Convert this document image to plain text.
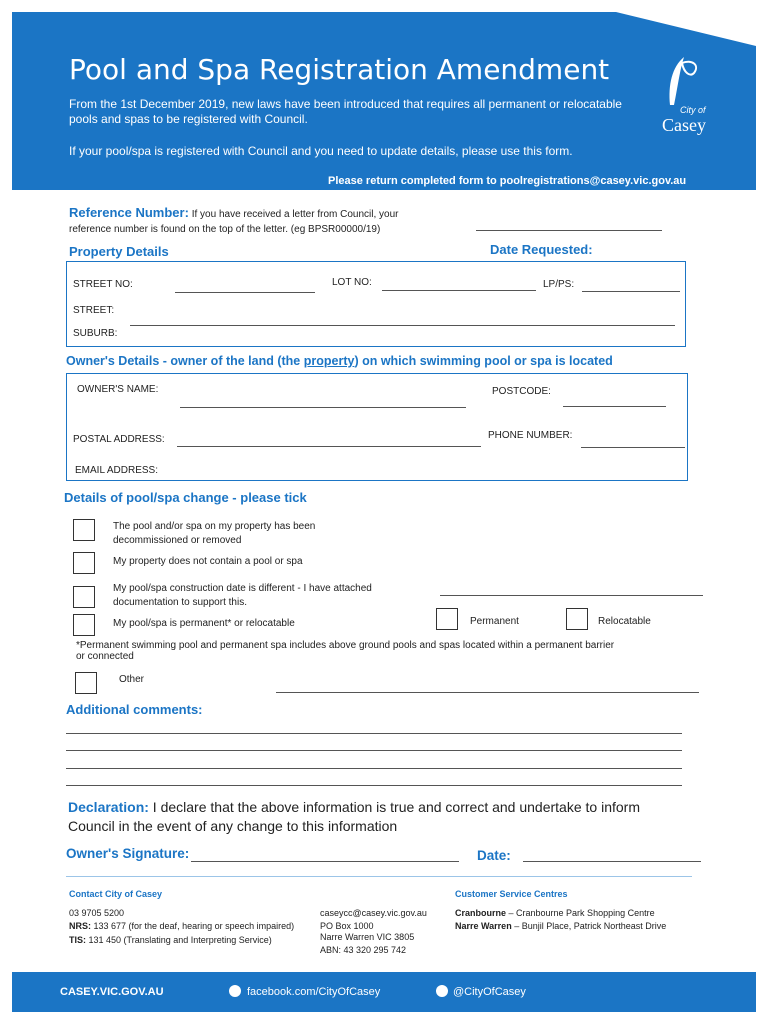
Pool and Spa Registration Amendment
From the 1st December 2019, new laws have been introduced that requires all permanent or relocatable pools and spas to be registered with Council.
If your pool/spa is registered with Council and you need to update details, please use this form.
Please return completed form to poolregistrations@casey.vic.gov.au
City of
Casey
Reference Number: If you have received a letter from Council, your
reference number is found on the top of the letter. (eg BPSR00000/19)
Property Details	Date Requested:
STREET NO:	LOT NO:	LP/PS:
STREET:
SUBURB:
Owner's Details - owner of the land (the property) on which swimming pool or spa is located
OWNER'S NAME:	POSTCODE:
POSTAL ADDRESS:	PHONE NUMBER:
EMAIL ADDRESS:
Details of pool/spa change - please tick
The pool and/or spa on my property has been
decommissioned or removed
My property does not contain a pool or spa
My pool/spa construction date is different - I have attached
documentation to support this.
My pool/spa is permanent* or relocatable	Permanent	Relocatable
*Permanent swimming pool and permanent spa includes above ground pools and spas located within a permanent barrier
or connected
Other
Additional comments:
Declaration: I declare that the above information is true and correct and undertake to inform
Council in the event of any change to this information
Owner's Signature:	Date:
Contact City of Casey
03 9705 5200
NRS: 133 677 (for the deaf, hearing or speech impaired)
TIS: 131 450 (Translating and Interpreting Service)
caseycc@casey.vic.gov.au
PO Box 1000
Narre Warren VIC 3805
ABN: 43 320 295 742
Customer Service Centres
Cranbourne – Cranbourne Park Shopping Centre
Narre Warren – Bunjil Place, Patrick Northeast Drive
CASEY.VIC.GOV.AU	facebook.com/CityOfCasey	@CityOfCasey
